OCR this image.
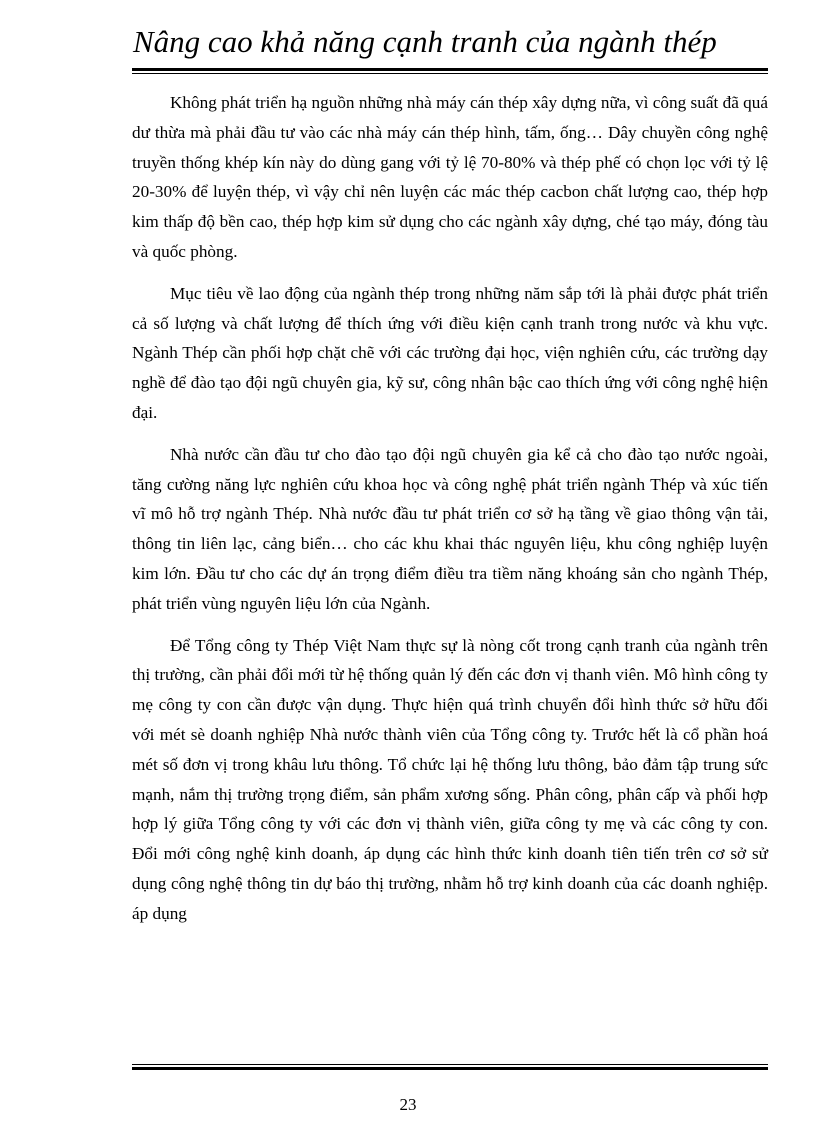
Nâng cao khả năng cạnh tranh của ngành thép

Không phát triển hạ nguồn những nhà máy cán thép xây dựng nữa, vì công suất đã quá dư thừa mà phải đầu tư vào các nhà máy cán thép hình, tấm, ống… Dây chuyền công nghệ truyền thống khép kín này do dùng gang với tỷ lệ 70-80% và thép phế có chọn lọc với tỷ lệ 20-30% để luyện thép, vì vậy chỉ nên luyện các mác thép cacbon chất lượng cao, thép hợp kim thấp độ bền cao, thép hợp kim sử dụng cho các ngành xây dựng, ché tạo máy, đóng tàu và quốc phòng.

Mục tiêu về lao động của ngành thép trong những năm sắp tới là phải được phát triển cả số lượng và chất lượng để thích ứng với điều kiện cạnh tranh trong nước và khu vực. Ngành Thép cần phối hợp chặt chẽ với các trường đại học, viện nghiên cứu, các trường dạy nghề để đào tạo đội ngũ chuyên gia, kỹ sư, công nhân bậc cao thích ứng với công nghệ hiện đại.

Nhà nước cần đầu tư cho đào tạo đội ngũ chuyên gia kể cả cho đào tạo nước ngoài, tăng cường năng lực nghiên cứu khoa học và công nghệ phát triển ngành Thép và xúc tiến vĩ mô hỗ trợ ngành Thép. Nhà nước đầu tư phát triển cơ sở hạ tầng về giao thông vận tải, thông tin liên lạc, cảng biển… cho các khu khai thác nguyên liệu, khu công nghiệp luyện kim lớn. Đầu tư cho các dự án trọng điểm điều tra tiềm năng khoáng sản cho ngành Thép, phát triển vùng nguyên liệu lớn của Ngành.

Để Tổng công ty Thép Việt Nam thực sự là nòng cốt trong cạnh tranh của ngành trên thị trường, cần phải đổi mới từ hệ thống quản lý đến các đơn vị thanh viên. Mô hình công ty mẹ công ty con cần được vận dụng. Thực hiện quá trình chuyển đổi hình thức sở hữu đối với mét sè doanh nghiệp Nhà nước thành viên của Tổng công ty. Trước hết là cổ phần hoá mét số đơn vị trong khâu lưu thông. Tổ chức lại hệ thống lưu thông, bảo đảm tập trung sức mạnh, nắm thị trường trọng điểm, sản phẩm xương sống. Phân công, phân cấp và phối hợp hợp lý giữa Tổng công ty với các đơn vị thành viên, giữa công ty mẹ và các công ty con. Đổi mới công nghệ kinh doanh, áp dụng các hình thức kinh doanh tiên tiến trên cơ sở sử dụng công nghệ thông tin dự báo thị trường, nhằm hỗ trợ kinh doanh của các doanh nghiệp. áp dụng

23
